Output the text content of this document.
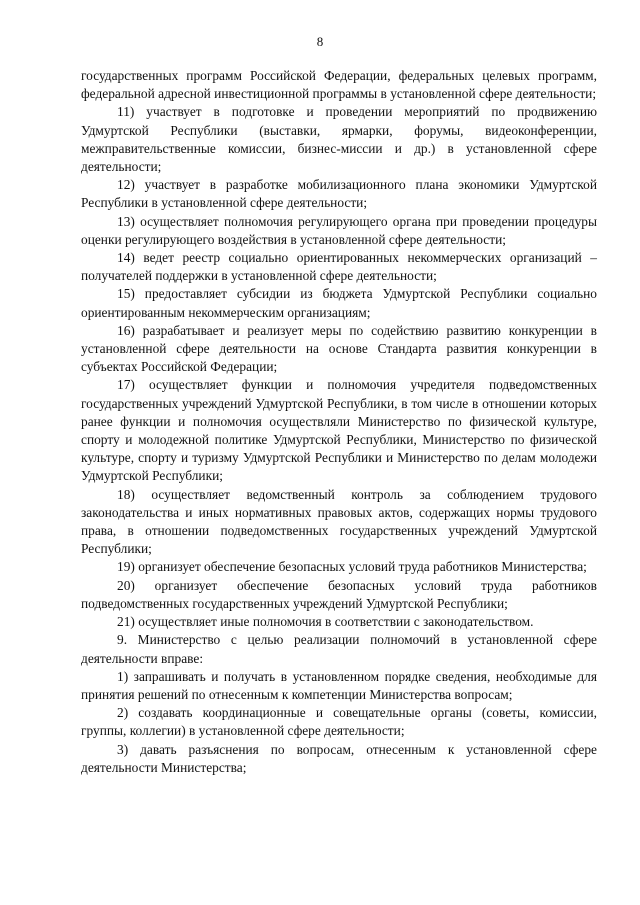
8

государственных программ Российской Федерации, федеральных целевых программ, федеральной адресной инвестиционной программы в установленной сфере деятельности;

11) участвует в подготовке и проведении мероприятий по продвижению Удмуртской Республики (выставки, ярмарки, форумы, видеоконференции, межправительственные комиссии, бизнес-миссии и др.) в установленной сфере деятельности;

12) участвует в разработке мобилизационного плана экономики Удмуртской Республики в установленной сфере деятельности;

13) осуществляет полномочия регулирующего органа при проведении процедуры оценки регулирующего воздействия в установленной сфере деятельности;

14) ведет реестр социально ориентированных некоммерческих организаций – получателей поддержки в установленной сфере деятельности;

15) предоставляет субсидии из бюджета Удмуртской Республики социально ориентированным некоммерческим организациям;

16) разрабатывает и реализует меры по содействию развитию конкуренции в установленной сфере деятельности на основе Стандарта развития конкуренции в субъектах Российской Федерации;

17) осуществляет функции и полномочия учредителя подведомственных государственных учреждений Удмуртской Республики, в том числе в отношении которых ранее функции и полномочия осуществляли Министерство по физической культуре, спорту и молодежной политике Удмуртской Республики, Министерство по физической культуре, спорту и туризму Удмуртской Республики и Министерство по делам молодежи Удмуртской Республики;

18) осуществляет ведомственный контроль за соблюдением трудового законодательства и иных нормативных правовых актов, содержащих нормы трудового права, в отношении подведомственных государственных учреждений Удмуртской Республики;

19) организует обеспечение безопасных условий труда работников Министерства;

20) организует обеспечение безопасных условий труда работников подведомственных государственных учреждений Удмуртской Республики;

21) осуществляет иные полномочия в соответствии с законодательством.

9. Министерство с целью реализации полномочий в установленной сфере деятельности вправе:

1) запрашивать и получать в установленном порядке сведения, необходимые для принятия решений по отнесенным к компетенции Министерства вопросам;

2) создавать координационные и совещательные органы (советы, комиссии, группы, коллегии) в установленной сфере деятельности;

3) давать разъяснения по вопросам, отнесенным к установленной сфере деятельности Министерства;
